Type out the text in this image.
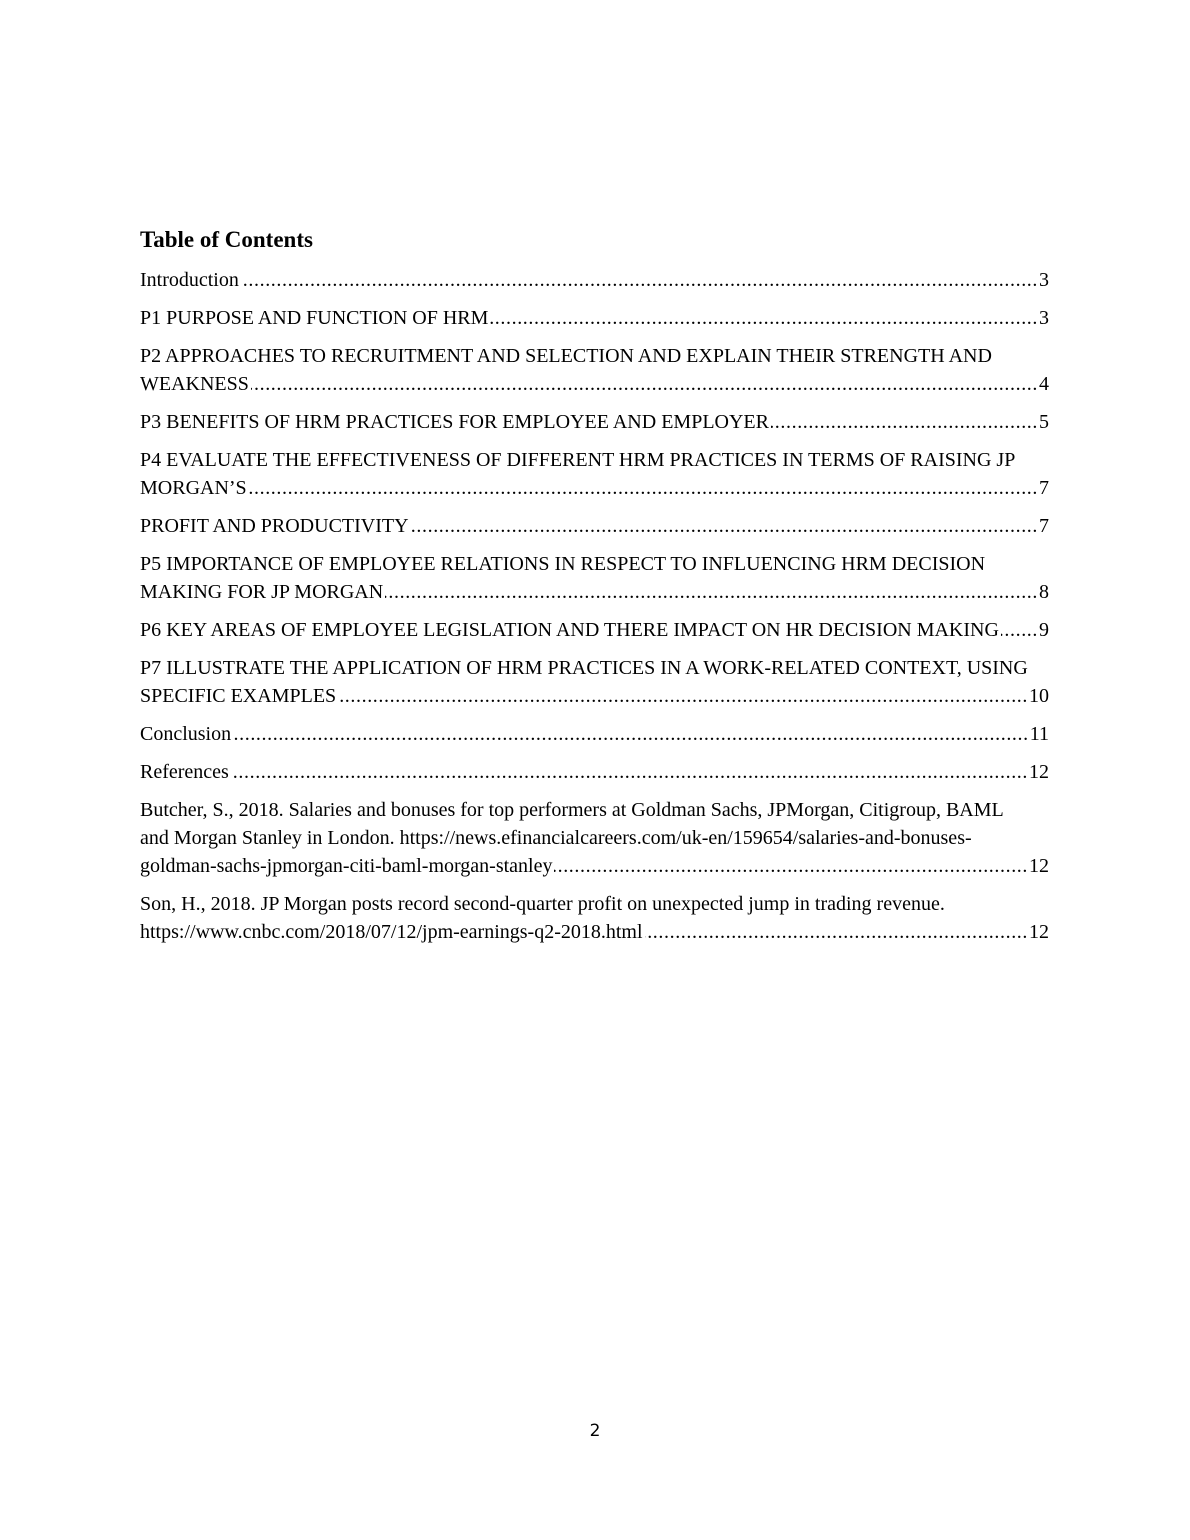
Table of Contents
Introduction .....	3
P1 PURPOSE AND FUNCTION OF HRM .....	3
P2 APPROACHES TO RECRUITMENT AND SELECTION AND EXPLAIN THEIR STRENGTH AND WEAKNESS .....	4
P3 BENEFITS OF HRM PRACTICES FOR EMPLOYEE AND EMPLOYER .....	5
P4 EVALUATE THE EFFECTIVENESS OF DIFFERENT HRM PRACTICES IN TERMS OF RAISING JP MORGAN’S .....	7
PROFIT AND PRODUCTIVITY .....	7
P5 IMPORTANCE OF EMPLOYEE RELATIONS IN RESPECT TO INFLUENCING HRM DECISION MAKING FOR JP MORGAN .....	8
P6 KEY AREAS OF EMPLOYEE LEGISLATION AND THERE IMPACT ON HR DECISION MAKING .....	9
P7 ILLUSTRATE THE APPLICATION OF HRM PRACTICES IN A WORK-RELATED CONTEXT, USING SPECIFIC EXAMPLES .....	10
Conclusion .....	11
References .....	12
Butcher, S., 2018. Salaries and bonuses for top performers at Goldman Sachs, JPMorgan, Citigroup, BAML and Morgan Stanley in London. https://news.efinancialcareers.com/uk-en/159654/salaries-and-bonuses-goldman-sachs-jpmorgan-citi-baml-morgan-stanley .....	12
Son, H., 2018. JP Morgan posts record second-quarter profit on unexpected jump in trading revenue. https://www.cnbc.com/2018/07/12/jpm-earnings-q2-2018.html .....	12
2
